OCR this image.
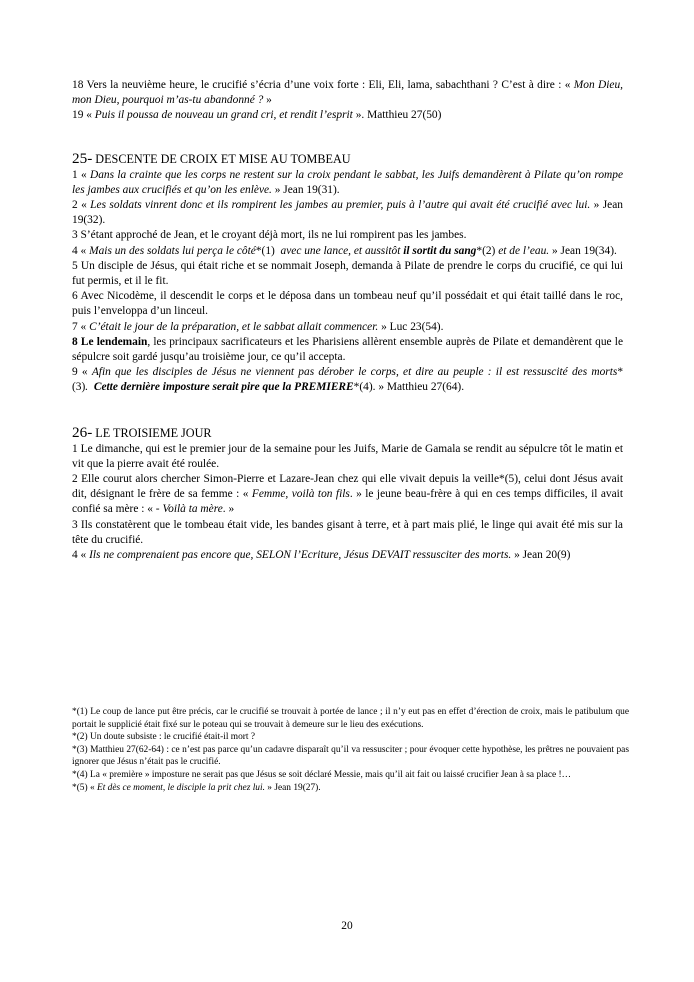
18 Vers la neuvième heure, le crucifié s’écria d’une voix forte : Eli, Eli, lama, sabachthani ? C’est à dire : « Mon Dieu, mon Dieu, pourquoi m’as-tu abandonné ? »

19 « Puis il poussa de nouveau un grand cri, et rendit l’esprit ». Matthieu 27(50)

25- DESCENTE DE CROIX ET MISE AU TOMBEAU

1 « Dans la crainte que les corps ne restent sur la croix pendant le sabbat, les Juifs demandèrent à Pilate qu’on rompe les jambes aux crucifiés et qu’on les enlève. » Jean 19(31).

2 « Les soldats vinrent donc et ils rompirent les jambes au premier, puis à l’autre qui avait été crucifié avec lui. » Jean 19(32).

3 S’étant approché de Jean, et le croyant déjà mort, ils ne lui rompirent pas les jambes.

4 « Mais un des soldats lui perça le côté*(1)  avec une lance, et aussitôt il sortit du sang*(2) et de l’eau. » Jean 19(34).

5 Un disciple de Jésus, qui était riche et se nommait Joseph, demanda à Pilate de prendre le corps du crucifié, ce qui lui fut permis, et il le fit.

6 Avec Nicodème, il descendit le corps et le déposa dans un tombeau neuf qu’il possédait et qui était taillé dans le roc, puis l’enveloppa d’un linceul.

7 « C’était le jour de la préparation, et le sabbat allait commencer. » Luc 23(54).

8 Le lendemain, les principaux sacrificateurs et les Pharisiens allèrent ensemble auprès de Pilate et demandèrent que le sépulcre soit gardé jusqu’au troisième jour, ce qu’il accepta.

9 « Afin que les disciples de Jésus ne viennent pas dérober le corps, et dire au peuple : il est ressuscité des morts*(3).  Cette dernière imposture serait pire que la PREMIERE*(4). » Matthieu 27(64).

26- LE TROISIEME JOUR

1 Le dimanche, qui est le premier jour de la semaine pour les Juifs, Marie de Gamala se rendit au sépulcre tôt le matin et vit que la pierre avait été roulée.

2 Elle courut alors chercher Simon-Pierre et Lazare-Jean chez qui elle vivait depuis la veille*(5), celui dont Jésus avait dit, désignant le frère de sa femme : « Femme, voilà ton fils. » le jeune beau-frère à qui en ces temps difficiles, il avait confié sa mère : « - Voilà ta mère. »

3 Ils constatèrent que le tombeau était vide, les bandes gisant à terre, et à part mais plié, le linge qui avait été mis sur la tête du crucifié.

4 « Ils ne comprenaient pas encore que, SELON l’Ecriture, Jésus DEVAIT ressusciter des morts. » Jean 20(9)

*(1) Le coup de lance put être précis, car le crucifié se trouvait à portée de lance ; il n’y eut pas en effet d’érection de croix, mais le patibulum que portait le supplicié était fixé sur le poteau qui se trouvait à demeure sur le lieu des exécutions.

*(2) Un doute subsiste : le crucifié était-il mort ?

*(3) Matthieu 27(62-64) : ce n’est pas parce qu’un cadavre disparaît qu’il va ressusciter ; pour évoquer cette hypothèse, les prêtres ne pouvaient pas ignorer que Jésus n’était pas le crucifié.

*(4) La « première » imposture ne serait pas que Jésus se soit déclaré Messie, mais qu’il ait fait ou laissé crucifier Jean à sa place !…

*(5) « Et dès ce moment, le disciple la prit chez lui. » Jean 19(27).

20
